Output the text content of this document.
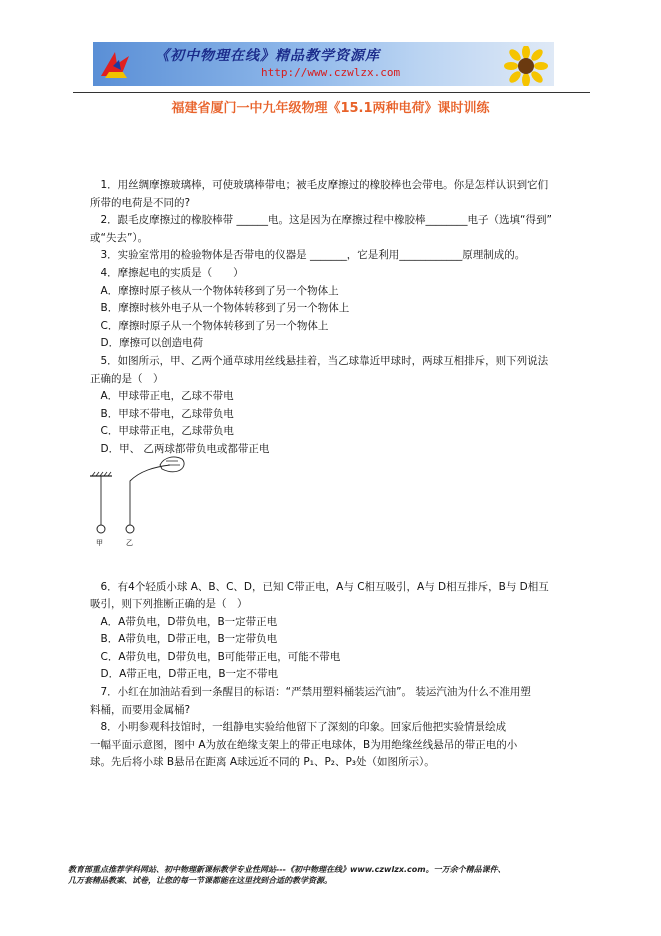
《初中物理在线》精品教学资源库
http://www.czwlzx.com
福建省厦门一中九年级物理《15.1两种电荷》课时训练
　1．用丝绸摩擦玻璃棒，可使玻璃棒带电；被毛皮摩擦过的橡胶棒也会带电。你是怎样认识到它们
所带的电荷是不同的?
　2．跟毛皮摩擦过的橡胶棒带 ______电。这是因为在摩擦过程中橡胶棒________电子（选填“得到”
或“失去”）。
　3．实验室常用的检验物体是否带电的仪器是 _______，它是利用____________原理制成的。
　4．摩擦起电的实质是（　　）
　A．摩擦时原子核从一个物体转移到了另一个物体上
　B．摩擦时核外电子从一个物体转移到了另一个物体上
　C．摩擦时原子从一个物体转移到了另一个物体上
　D．摩擦可以创造电荷
　5．如图所示，甲、乙两个通草球用丝线悬挂着，当乙球靠近甲球时，两球互相排斥，则下列说法
正确的是（　）
　A．甲球带正电，乙球不带电
　B．甲球不带电，乙球带负电
　C．甲球带正电，乙球带负电
　D．甲、 乙两球都带负电或都带正电
　6．有4个轻质小球 A、B、C、D，已知 C带正电，A与 C相互吸引，A与 D相互排斥，B与 D相互
吸引，则下列推断正确的是（　）
　A．A带负电，D带负电，B一定带正电
　B．A带负电，D带正电，B一定带负电
　C．A带负电，D带负电，B可能带正电，可能不带电
　D．A带正电，D带正电，B一定不带电
　7．小红在加油站看到一条醒目的标语：“严禁用塑料桶装运汽油”。 装运汽油为什么不准用塑
料桶，而要用金属桶?
　8．小明参观科技馆时，一组静电实验给他留下了深刻的印象。回家后他把实验情景绘成
一幅平面示意图，图中 A为放在绝缘支架上的带正电球体，B为用绝缘丝线悬吊的带正电的小
球。先后将小球 B悬吊在距离 A球远近不同的 P₁、P₂、P₃处（如图所示）。
甲	乙
教育部重点推荐学科网站、初中物理新课标教学专业性网站---《初中物理在线》www.czwlzx.com。一万余个精品课件、
几万套精品教案、试卷，让您的每一节课都能在这里找到合适的教学资源。
